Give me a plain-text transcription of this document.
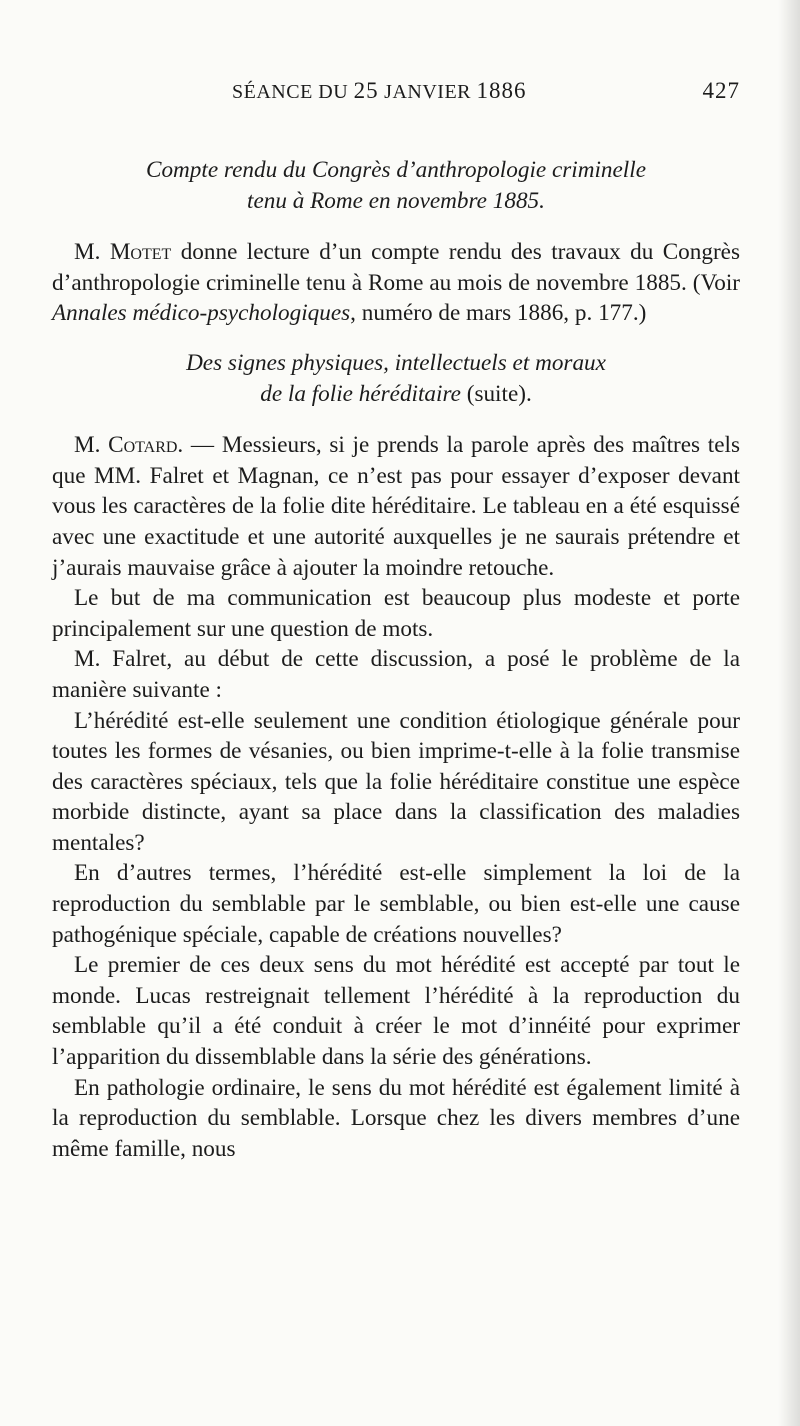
SÉANCE DU 25 JANVIER 1886	427
Compte rendu du Congrès d’anthropologie criminelle
tenu à Rome en novembre 1885.

M. Motet donne lecture d’un compte rendu des travaux du Congrès d’anthropologie criminelle tenu à Rome au mois de novembre 1885. (Voir Annales médico-psychologiques, numéro de mars 1886, p. 177.)

Des signes physiques, intellectuels et moraux
de la folie héréditaire (suite).

M. Cotard. — Messieurs, si je prends la parole après des maîtres tels que MM. Falret et Magnan, ce n’est pas pour essayer d’exposer devant vous les caractères de la folie dite héréditaire. Le tableau en a été esquissé avec une exactitude et une autorité auxquelles je ne saurais prétendre et j’aurais mauvaise grâce à ajouter la moindre retouche.

Le but de ma communication est beaucoup plus modeste et porte principalement sur une question de mots.

M. Falret, au début de cette discussion, a posé le problème de la manière suivante :

L’hérédité est-elle seulement une condition étiologique générale pour toutes les formes de vésanies, ou bien imprime-t-elle à la folie transmise des caractères spéciaux, tels que la folie héréditaire constitue une espèce morbide distincte, ayant sa place dans la classification des maladies mentales?

En d’autres termes, l’hérédité est-elle simplement la loi de la reproduction du semblable par le semblable, ou bien est-elle une cause pathogénique spéciale, capable de créations nouvelles?

Le premier de ces deux sens du mot hérédité est accepté par tout le monde. Lucas restreignait tellement l’hérédité à la reproduction du semblable qu’il a été conduit à créer le mot d’innéité pour exprimer l’apparition du dissemblable dans la série des générations.

En pathologie ordinaire, le sens du mot hérédité est également limité à la reproduction du semblable. Lorsque chez les divers membres d’une même famille, nous
